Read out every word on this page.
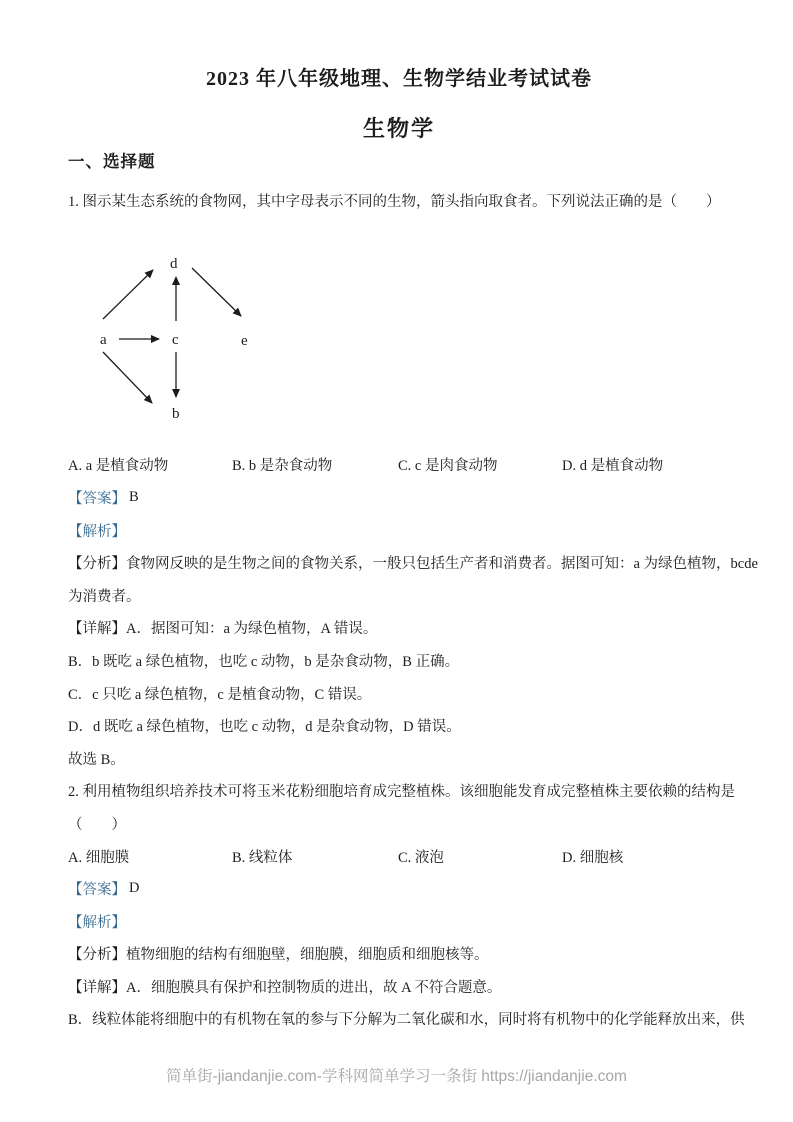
2023 年八年级地理、生物学结业考试试卷
生物学
一、选择题
1. 图示某生态系统的食物网，其中字母表示不同的生物，箭头指向取食者。下列说法正确的是（　　）
d
a	c	e
b
A. a 是植食动物	B. b 是杂食动物	C. c 是肉食动物	D. d 是植食动物
【答案】 B
【解析】
【分析】食物网反映的是生物之间的食物关系，一般只包括生产者和消费者。据图可知：a 为绿色植物，bcde
为消费者。
【详解】A．据图可知：a 为绿色植物，A 错误。
B．b 既吃 a 绿色植物，也吃 c 动物，b 是杂食动物，B 正确。
C．c 只吃 a 绿色植物，c 是植食动物，C 错误。
D．d 既吃 a 绿色植物，也吃 c 动物，d 是杂食动物，D 错误。
故选 B。
2. 利用植物组织培养技术可将玉米花粉细胞培育成完整植株。该细胞能发育成完整植株主要依赖的结构是
（　　）
A. 细胞膜	B. 线粒体	C. 液泡	D. 细胞核
【答案】 D
【解析】
【分析】植物细胞的结构有细胞壁，细胞膜，细胞质和细胞核等。
【详解】A．细胞膜具有保护和控制物质的进出，故 A 不符合题意。
B．线粒体能将细胞中的有机物在氧的参与下分解为二氧化碳和水，同时将有机物中的化学能释放出来，供
简单街-jiandanjie.com-学科网简单学习一条街 https://jiandanjie.com
